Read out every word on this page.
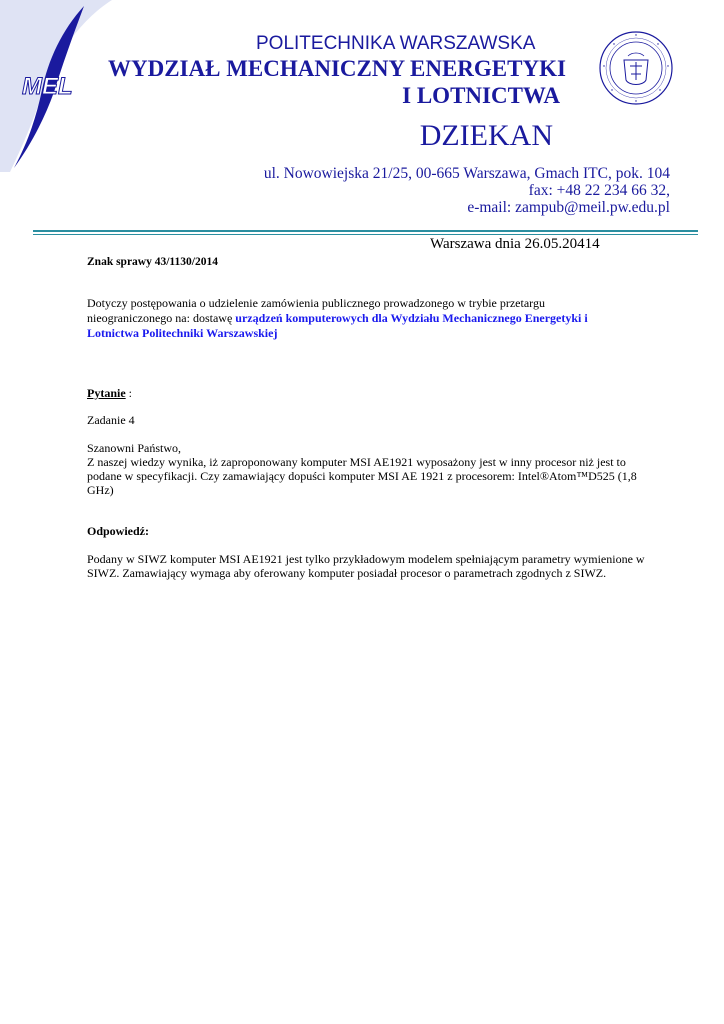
MEL
POLITECHNIKA WARSZAWSKA
WYDZIAŁ MECHANICZNY ENERGETYKI
I LOTNICTWA
DZIEKAN
ul. Nowowiejska 21/25, 00-665 Warszawa, Gmach ITC, pok. 104
fax: +48 22 234 66 32,
e-mail: zampub@meil.pw.edu.pl
Warszawa dnia 26.05.20414
Znak sprawy 43/1130/2014
Dotyczy postępowania o udzielenie zamówienia publicznego prowadzonego w trybie przetargu nieograniczonego na: dostawę urządzeń komputerowych dla Wydziału Mechanicznego Energetyki i Lotnictwa Politechniki Warszawskiej
Pytanie :
Zadanie 4
Szanowni Państwo,
Z naszej wiedzy wynika, iż zaproponowany komputer MSI AE1921 wyposażony jest w inny procesor niż jest to podane w specyfikacji. Czy zamawiający dopuści komputer MSI AE 1921 z procesorem: Intel®Atom™D525 (1,8 GHz)
Odpowiedź:
Podany w SIWZ komputer MSI AE1921 jest tylko przykładowym modelem spełniającym parametry wymienione w SIWZ. Zamawiający wymaga aby oferowany komputer posiadał procesor o parametrach zgodnych z SIWZ.
